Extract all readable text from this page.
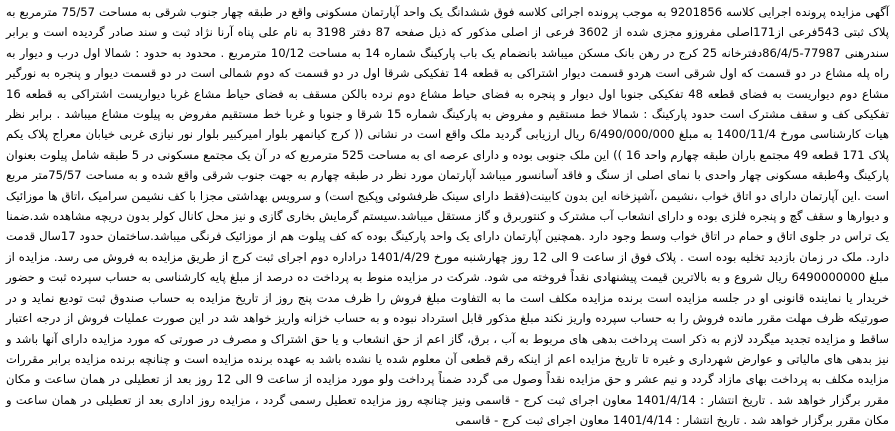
آگهی مزایده پرونده اجرایی کلاسه 9201856 به موجب پرونده اجرائی کلاسه فوق ششدانگ یک واحد آپارتمان مسکونی واقع در طبقه چهار جنوب شرقی به مساحت 75/57 مترمربع به پلاک ثبتی 543فرعی از171اصلی مفروزو مجزی شده از 3602 فرعی از اصلی مذکور که ذیل صفحه 87 دفتر 3198 به نام علی پناه آرنا نژاد ثبت و سند صادر گردیده است و برابر سندرهنی 77987-86/4/5دفترخانه 25 کرج در رهن بانک مسکن میباشد بانضمام یک باب پارکینگ شماره 14 به مساحت 10/12 مترمربع . محدود به حدود : شمالا اول درب و دیوار به راه پله مشاع در دو قسمت که اول شرقی است هردو قسمت دیوار اشتراکی به قطعه 14 تفکیکی شرقا اول در دو قسمت که دوم شمالی است در دو قسمت دیوار و پنجره به نورگیر مشاع دوم دیواریست به فضای قطعه 48 تفکیکی جنوبا اول دیوار و پنجره به فضای حیاط مشاع دوم نرده بالکن مسقف به فضای حیاط مشاع غربا دیواریست اشتراکی به قطعه 16 تفکیکی کف و سقف مشترک است حدود پارکینگ : شمالا خط مستقیم و مفروض به پارکینگ شماره 15 شرقا و جنوبا و غربا خط مستقیم مفروض به پیلوت مشاع میباشد . برابر نظر هیات کارشناسی مورخ 1400/11/4 به مبلغ 6/490/000/000 ریال ارزیابی گردید ملک واقع است در نشانی (( کرج کیانمهر بلوار امیرکبیر بلوار نور نیازی غربی خیابان معراج پلاک یکم پلاک 171 قطعه 49 مجتمع باران طبقه چهارم واحد 16 )) این ملک جنوبی بوده و دارای عرصه ای به مساحت 525 مترمربع که در آن یک مجتمع مسکونی در 5 طبقه شامل پیلوت بعنوان پارکینگ و4طبقه مسکونی چهار واحدی با نمای اصلی از سنگ و فاقد آسانسور میباشد آپارتمان مورد نظر در طبقه چهارم به جهت جنوب شرقی واقع شده و به مساحت 75/57متر مربع است .این آپارتمان دارای دو اتاق خواب ،نشیمن ،آشپزخانه این بدون کابینت(فقط دارای سینک ظرفشوئی وپکیج است) و سرویس بهداشتی مجزا با کف نشیمن سرامیک ،اتاق ها موزائیک و دیوارها و سقف گچ و پنجره فلزی بوده و دارای انشعاب آب مشترک و کنتوربرق و گاز مستقل میباشد.سیستم گرمایش بخاری گازی و نیز محل کانال کولر بدون دریچه مشاهده شد.ضمنا یک تراس در جلوی اتاق و حمام در اتاق خواب وسط وجود دارد .همچنین آپارتمان دارای یک واحد پارکینگ بوده که کف پیلوت هم از موزائیک فرنگی میباشد.ساختمان حدود 17سال قدمت دارد. ملک در زمان بازدید تخلیه بوده است . پلاک فوق از ساعت 9 الی 12 روز چهارشنبه مورخ 1401/4/29 دراداره دوم اجرای ثبت کرج از طریق مزایده به فروش می رسد. مزایده از مبلغ 6490000000 ریال شروع و به بالاترین قیمت پیشنهادی نقداً فروخته می شود. شرکت در مزایده منوط به پرداخت ده درصد از مبلغ پایه کارشناسی به حساب سپرده ثبت و حضور خریدار یا نماینده قانونی او در جلسه مزایده است برنده مزایده مکلف است ما به التفاوت مبلغ فروش را ظرف مدت پنج روز از تاریخ مزایده به حساب صندوق ثبت تودیع نماید و در صورتیکه ظرف مهلت مقرر مانده فروش را به حساب سپرده واریز نکند مبلغ مذکور قابل استرداد نبوده و به حساب خزانه واریز خواهد شد در این صورت عملیات فروش از درجه اعتبار ساقط و مزایده تجدید میگردد لازم به ذکر است پرداخت بدهی های مربوط به آب ، برق، گاز اعم از حق انشعاب و یا حق اشتراک و مصرف در صورتی که مورد مزایده دارای آنها باشد و نیز بدهی های مالیاتی و عوارض شهرداری و غیره تا تاریخ مزایده اعم از اینکه رقم قطعی آن معلوم شده یا نشده باشد به عهده برنده مزایده است و چنانچه برنده مزایده برابر مقررات مزایده مکلف به پرداخت بهای مازاد گردد و نیم عشر و حق مزایده نقداً وصول می گردد ضمناً پرداخت ولو مورد مزایده از ساعت 9 الی 12 روز بعد از تعطیلی در همان ساعت و مکان مقرر برگزار خواهد شد . تاریخ انتشار : 1401/4/14 معاون اجرای ثبت کرج - قاسمی ونیز چنانچه روز مزایده تعطیل رسمی گردد ، مزایده روز اداری بعد از تعطیلی در همان ساعت و مکان مقرر برگزار خواهد شد . تاریخ انتشار : 1401/4/14 معاون اجرای ثبت کرج - قاسمی
